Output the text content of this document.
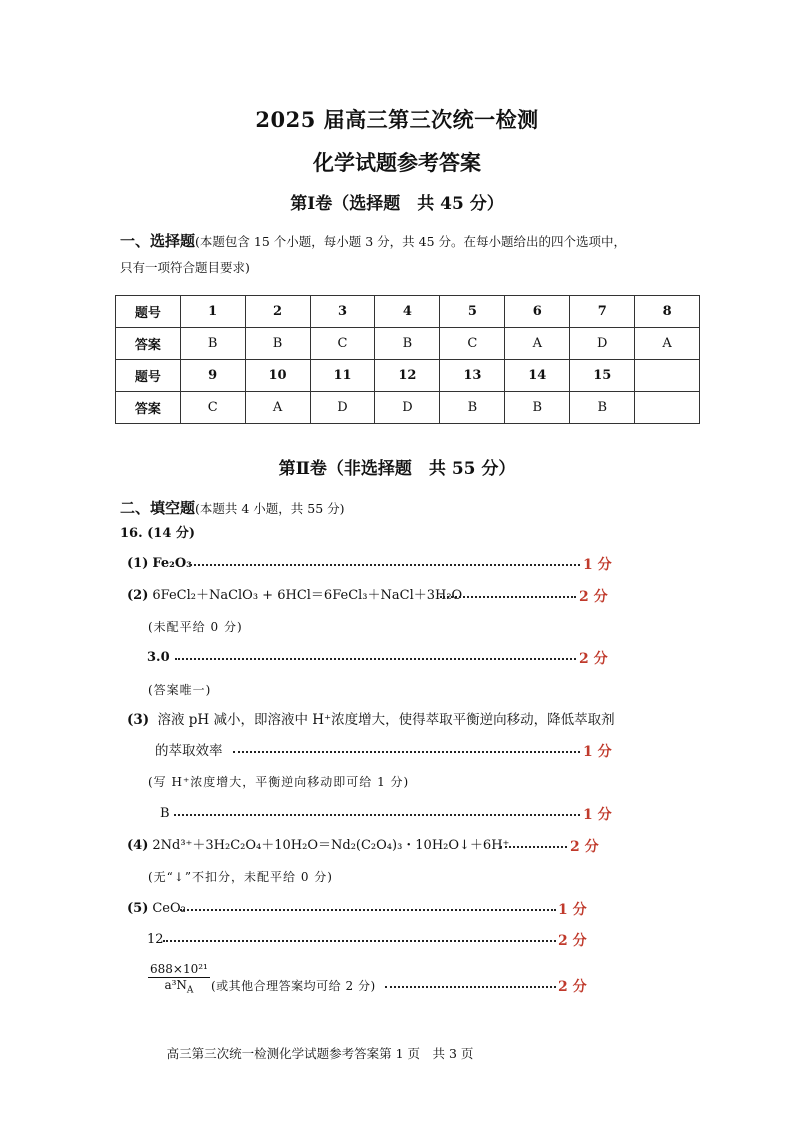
2025 届高三第三次统一检测
化学试题参考答案
第Ⅰ卷（选择题　共 45 分）
一、选择题(本题包含 15 个小题，每小题 3 分，共 45 分。在每小题给出的四个选项中，
只有一项符合题目要求)
题号	1	2	3	4	5	6	7	8
答案	B	B	C	B	C	A	D	A
题号	9	10	11	12	13	14	15	
答案	C	A	D	D	B	B	B	
第Ⅱ卷（非选择题　共 55 分）
二、填空题(本题共 4 小题，共 55 分)
16. (14 分)
(1) Fe₂O₃	1 分
(2) 6FeCl₂＋NaClO₃ + 6HCl＝6FeCl₃＋NaCl＋3H₂O	2 分
(未配平给 0 分)
3.0	2 分
(答案唯一)
(3) 溶液 pH 减小，即溶液中 H⁺浓度增大，使得萃取平衡逆向移动，降低萃取剂
的萃取效率	1 分
(写 H⁺浓度增大，平衡逆向移动即可给 1 分)
B	1 分
(4) 2Nd³⁺＋3H₂C₂O₄＋10H₂O＝Nd₂(C₂O₄)₃・10H₂O↓＋6H⁺	2 分
(无“↓”不扣分，未配平给 0 分)
(5) CeO₂	1 分
12	2 分
$\frac{\text{688×10²¹}}{a^3N_A}$ (或其他合理答案均可给 2 分)	2 分
高三第三次统一检测化学试题参考答案第 1 页　共 3 页
